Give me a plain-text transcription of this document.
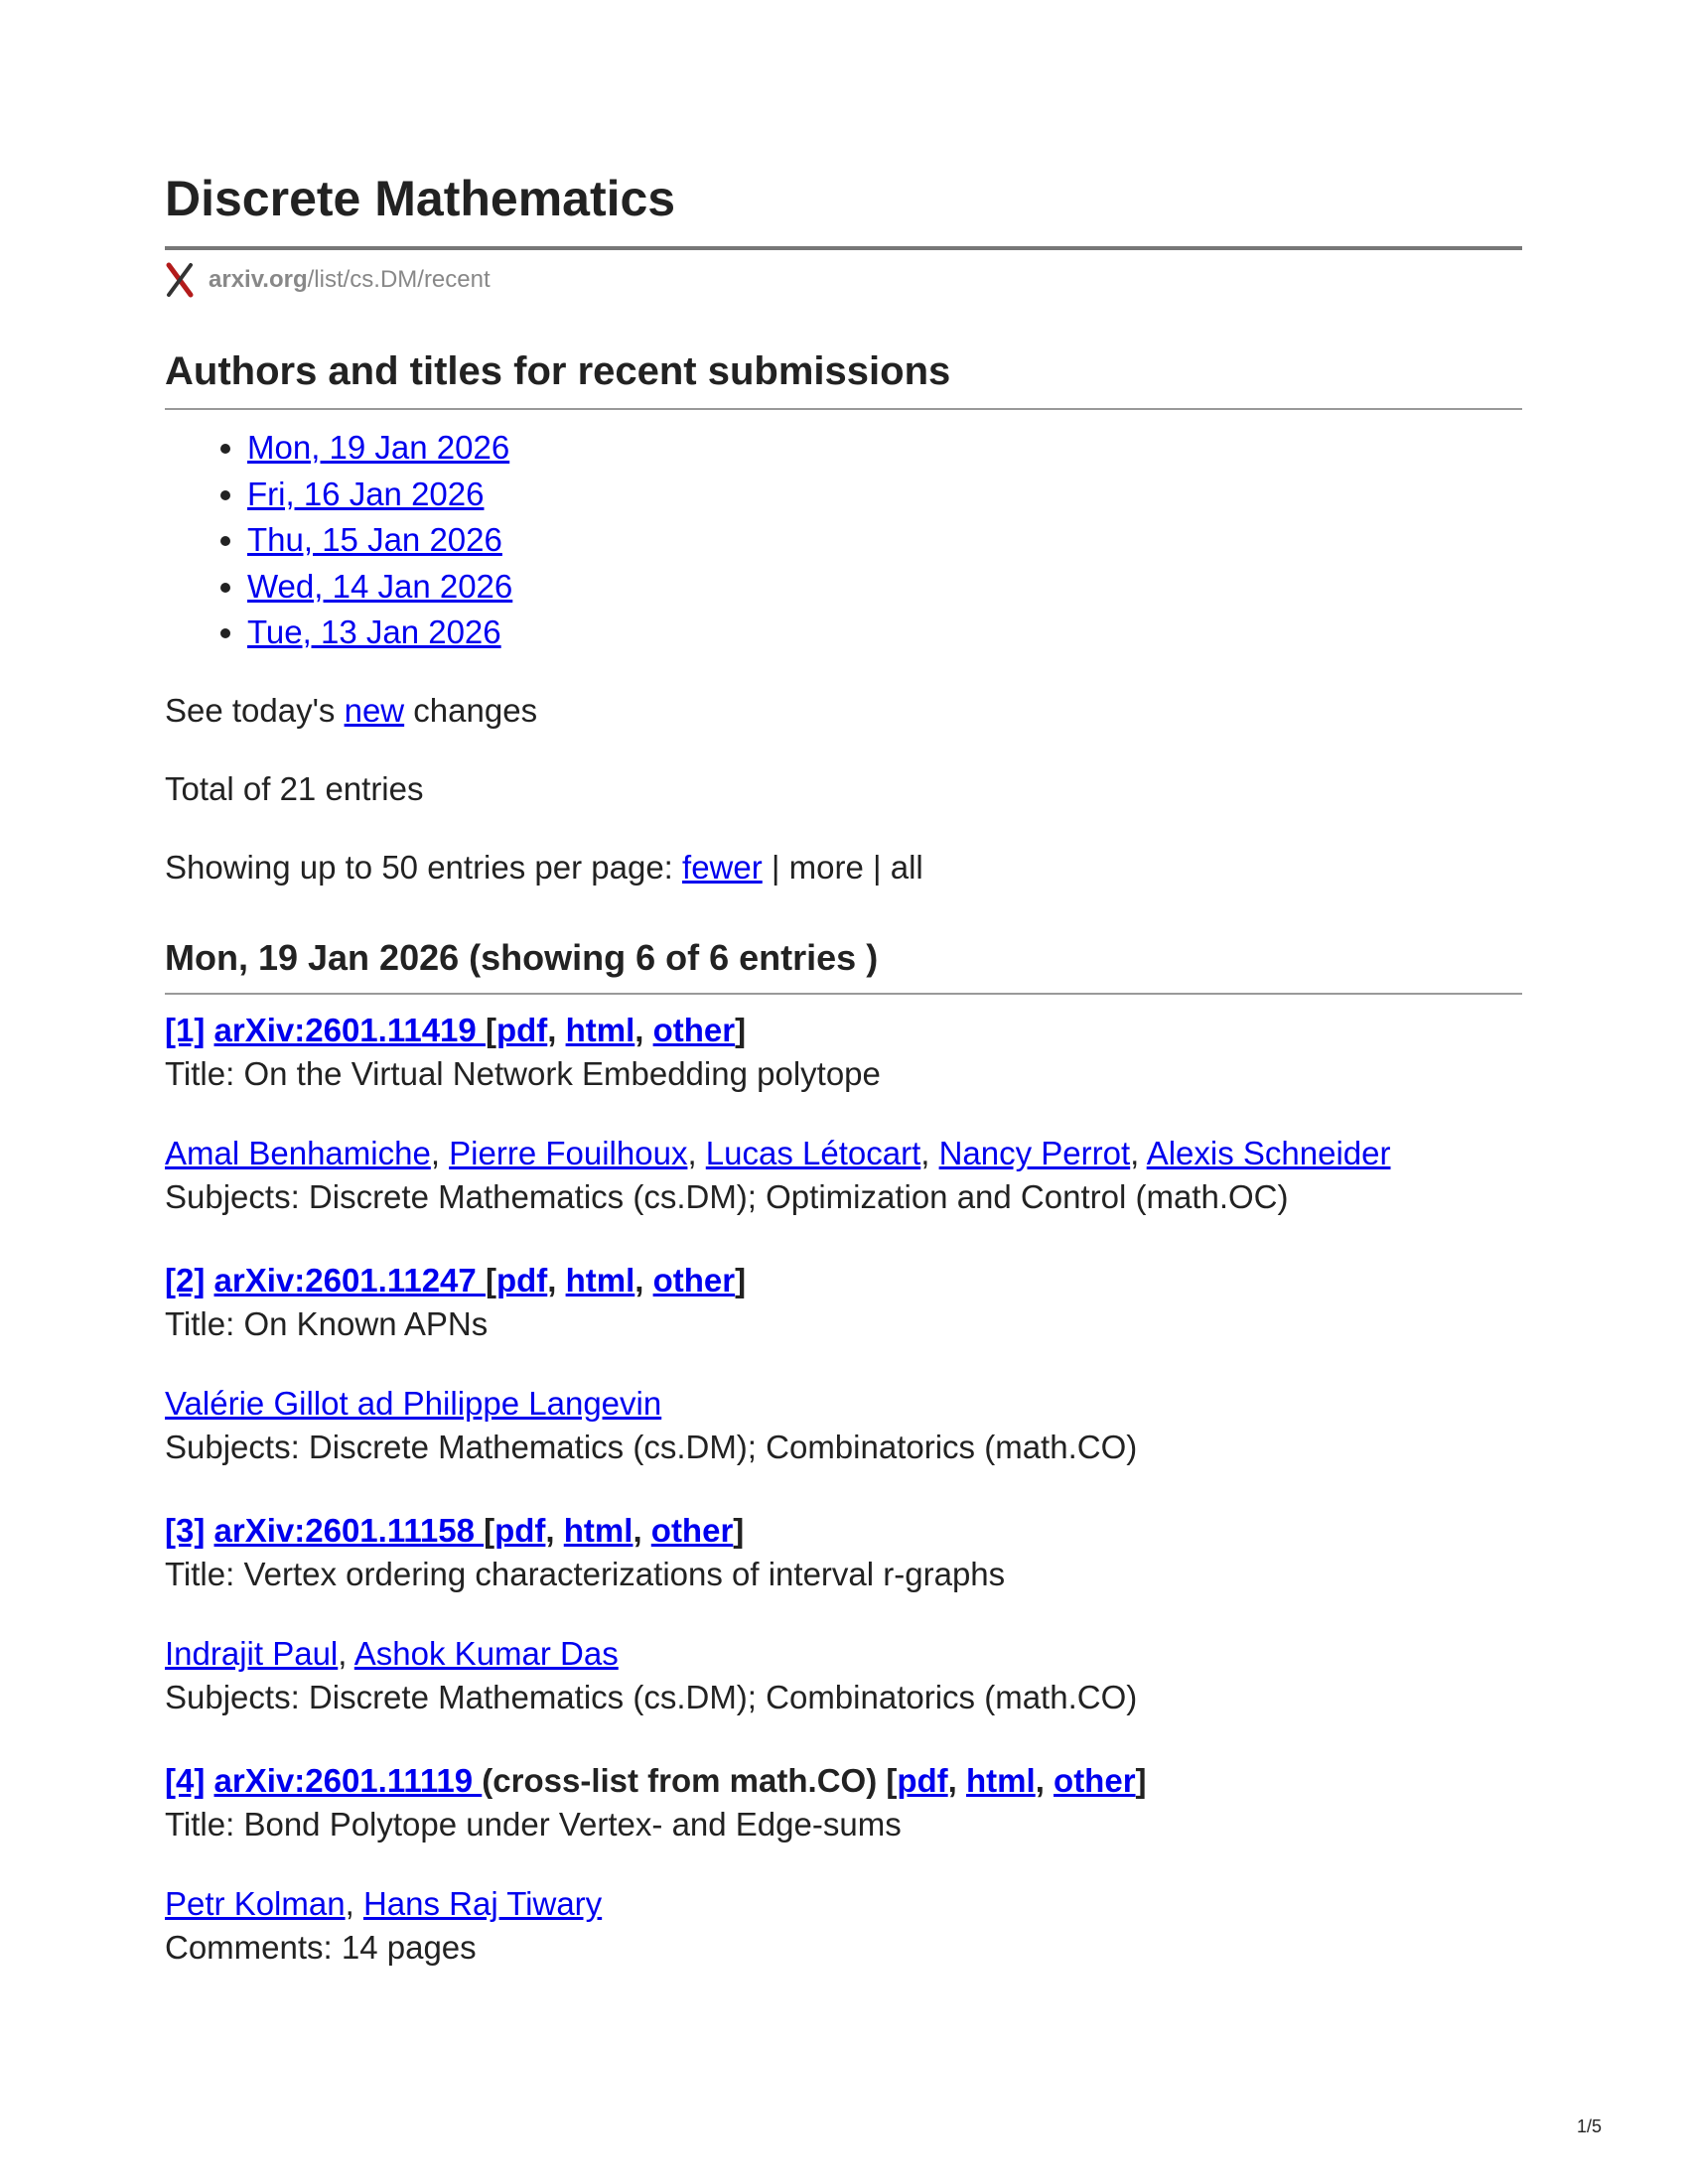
Discrete Mathematics
arxiv.org /list/cs.DM/recent
Authors and titles for recent submissions
• Mon, 19 Jan 2026
• Fri, 16 Jan 2026
• Thu, 15 Jan 2026
• Wed, 14 Jan 2026
• Tue, 13 Jan 2026

See today's new changes

Total of 21 entries

Showing up to 50 entries per page: fewer | more | all

Mon, 19 Jan 2026 (showing 6 of 6 entries )
[1] arXiv:2601.11419 [pdf, html, other]
Title: On the Virtual Network Embedding polytope
Amal Benhamiche, Pierre Fouilhoux, Lucas Létocart, Nancy Perrot, Alexis Schneider
Subjects: Discrete Mathematics (cs.DM); Optimization and Control (math.OC)
[2] arXiv:2601.11247 [pdf, html, other]
Title: On Known APNs
Valérie Gillot ad Philippe Langevin
Subjects: Discrete Mathematics (cs.DM); Combinatorics (math.CO)
[3] arXiv:2601.11158 [pdf, html, other]
Title: Vertex ordering characterizations of interval r-graphs
Indrajit Paul, Ashok Kumar Das
Subjects: Discrete Mathematics (cs.DM); Combinatorics (math.CO)
[4] arXiv:2601.11119 (cross-list from math.CO) [pdf, html, other]
Title: Bond Polytope under Vertex- and Edge-sums
Petr Kolman, Hans Raj Tiwary
Comments: 14 pages
1/5
